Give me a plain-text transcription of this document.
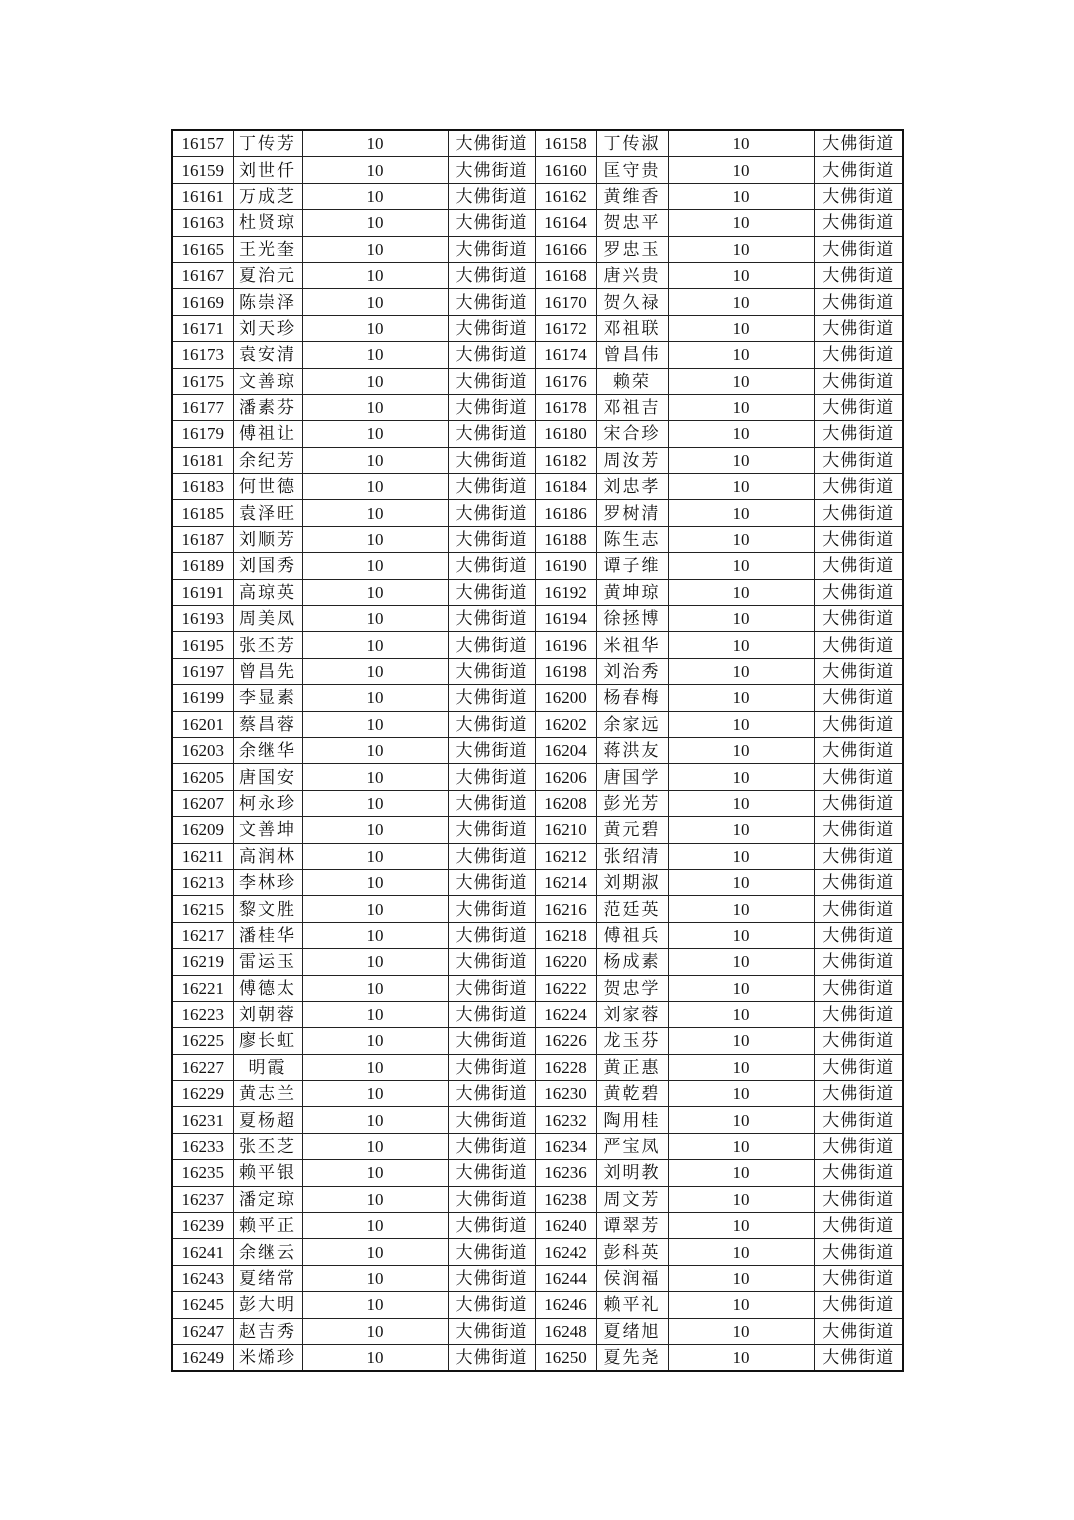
16157	丁传芳	10	大佛街道	16158	丁传淑	10	大佛街道
16159	刘世仟	10	大佛街道	16160	匡守贵	10	大佛街道
16161	万成芝	10	大佛街道	16162	黄维香	10	大佛街道
16163	杜贤琼	10	大佛街道	16164	贺忠平	10	大佛街道
16165	王光奎	10	大佛街道	16166	罗忠玉	10	大佛街道
16167	夏治元	10	大佛街道	16168	唐兴贵	10	大佛街道
16169	陈崇泽	10	大佛街道	16170	贺久禄	10	大佛街道
16171	刘天珍	10	大佛街道	16172	邓祖联	10	大佛街道
16173	袁安清	10	大佛街道	16174	曾昌伟	10	大佛街道
16175	文善琼	10	大佛街道	16176	赖荣	10	大佛街道
16177	潘素芬	10	大佛街道	16178	邓祖吉	10	大佛街道
16179	傅祖让	10	大佛街道	16180	宋合珍	10	大佛街道
16181	余纪芳	10	大佛街道	16182	周汝芳	10	大佛街道
16183	何世德	10	大佛街道	16184	刘忠孝	10	大佛街道
16185	袁泽旺	10	大佛街道	16186	罗树清	10	大佛街道
16187	刘顺芳	10	大佛街道	16188	陈生志	10	大佛街道
16189	刘国秀	10	大佛街道	16190	谭子维	10	大佛街道
16191	高琼英	10	大佛街道	16192	黄坤琼	10	大佛街道
16193	周美凤	10	大佛街道	16194	徐拯博	10	大佛街道
16195	张丕芳	10	大佛街道	16196	米祖华	10	大佛街道
16197	曾昌先	10	大佛街道	16198	刘治秀	10	大佛街道
16199	李显素	10	大佛街道	16200	杨春梅	10	大佛街道
16201	蔡昌蓉	10	大佛街道	16202	余家远	10	大佛街道
16203	余继华	10	大佛街道	16204	蒋洪友	10	大佛街道
16205	唐国安	10	大佛街道	16206	唐国学	10	大佛街道
16207	柯永珍	10	大佛街道	16208	彭光芳	10	大佛街道
16209	文善坤	10	大佛街道	16210	黄元碧	10	大佛街道
16211	高润林	10	大佛街道	16212	张绍清	10	大佛街道
16213	李林珍	10	大佛街道	16214	刘期淑	10	大佛街道
16215	黎文胜	10	大佛街道	16216	范廷英	10	大佛街道
16217	潘桂华	10	大佛街道	16218	傅祖兵	10	大佛街道
16219	雷运玉	10	大佛街道	16220	杨成素	10	大佛街道
16221	傅德太	10	大佛街道	16222	贺忠学	10	大佛街道
16223	刘朝蓉	10	大佛街道	16224	刘家蓉	10	大佛街道
16225	廖长虹	10	大佛街道	16226	龙玉芬	10	大佛街道
16227	明霞	10	大佛街道	16228	黄正惠	10	大佛街道
16229	黄志兰	10	大佛街道	16230	黄乾碧	10	大佛街道
16231	夏杨超	10	大佛街道	16232	陶用桂	10	大佛街道
16233	张丕芝	10	大佛街道	16234	严宝凤	10	大佛街道
16235	赖平银	10	大佛街道	16236	刘明教	10	大佛街道
16237	潘定琼	10	大佛街道	16238	周文芳	10	大佛街道
16239	赖平正	10	大佛街道	16240	谭翠芳	10	大佛街道
16241	余继云	10	大佛街道	16242	彭科英	10	大佛街道
16243	夏绪常	10	大佛街道	16244	侯润福	10	大佛街道
16245	彭大明	10	大佛街道	16246	赖平礼	10	大佛街道
16247	赵吉秀	10	大佛街道	16248	夏绪旭	10	大佛街道
16249	米烯珍	10	大佛街道	16250	夏先尧	10	大佛街道
